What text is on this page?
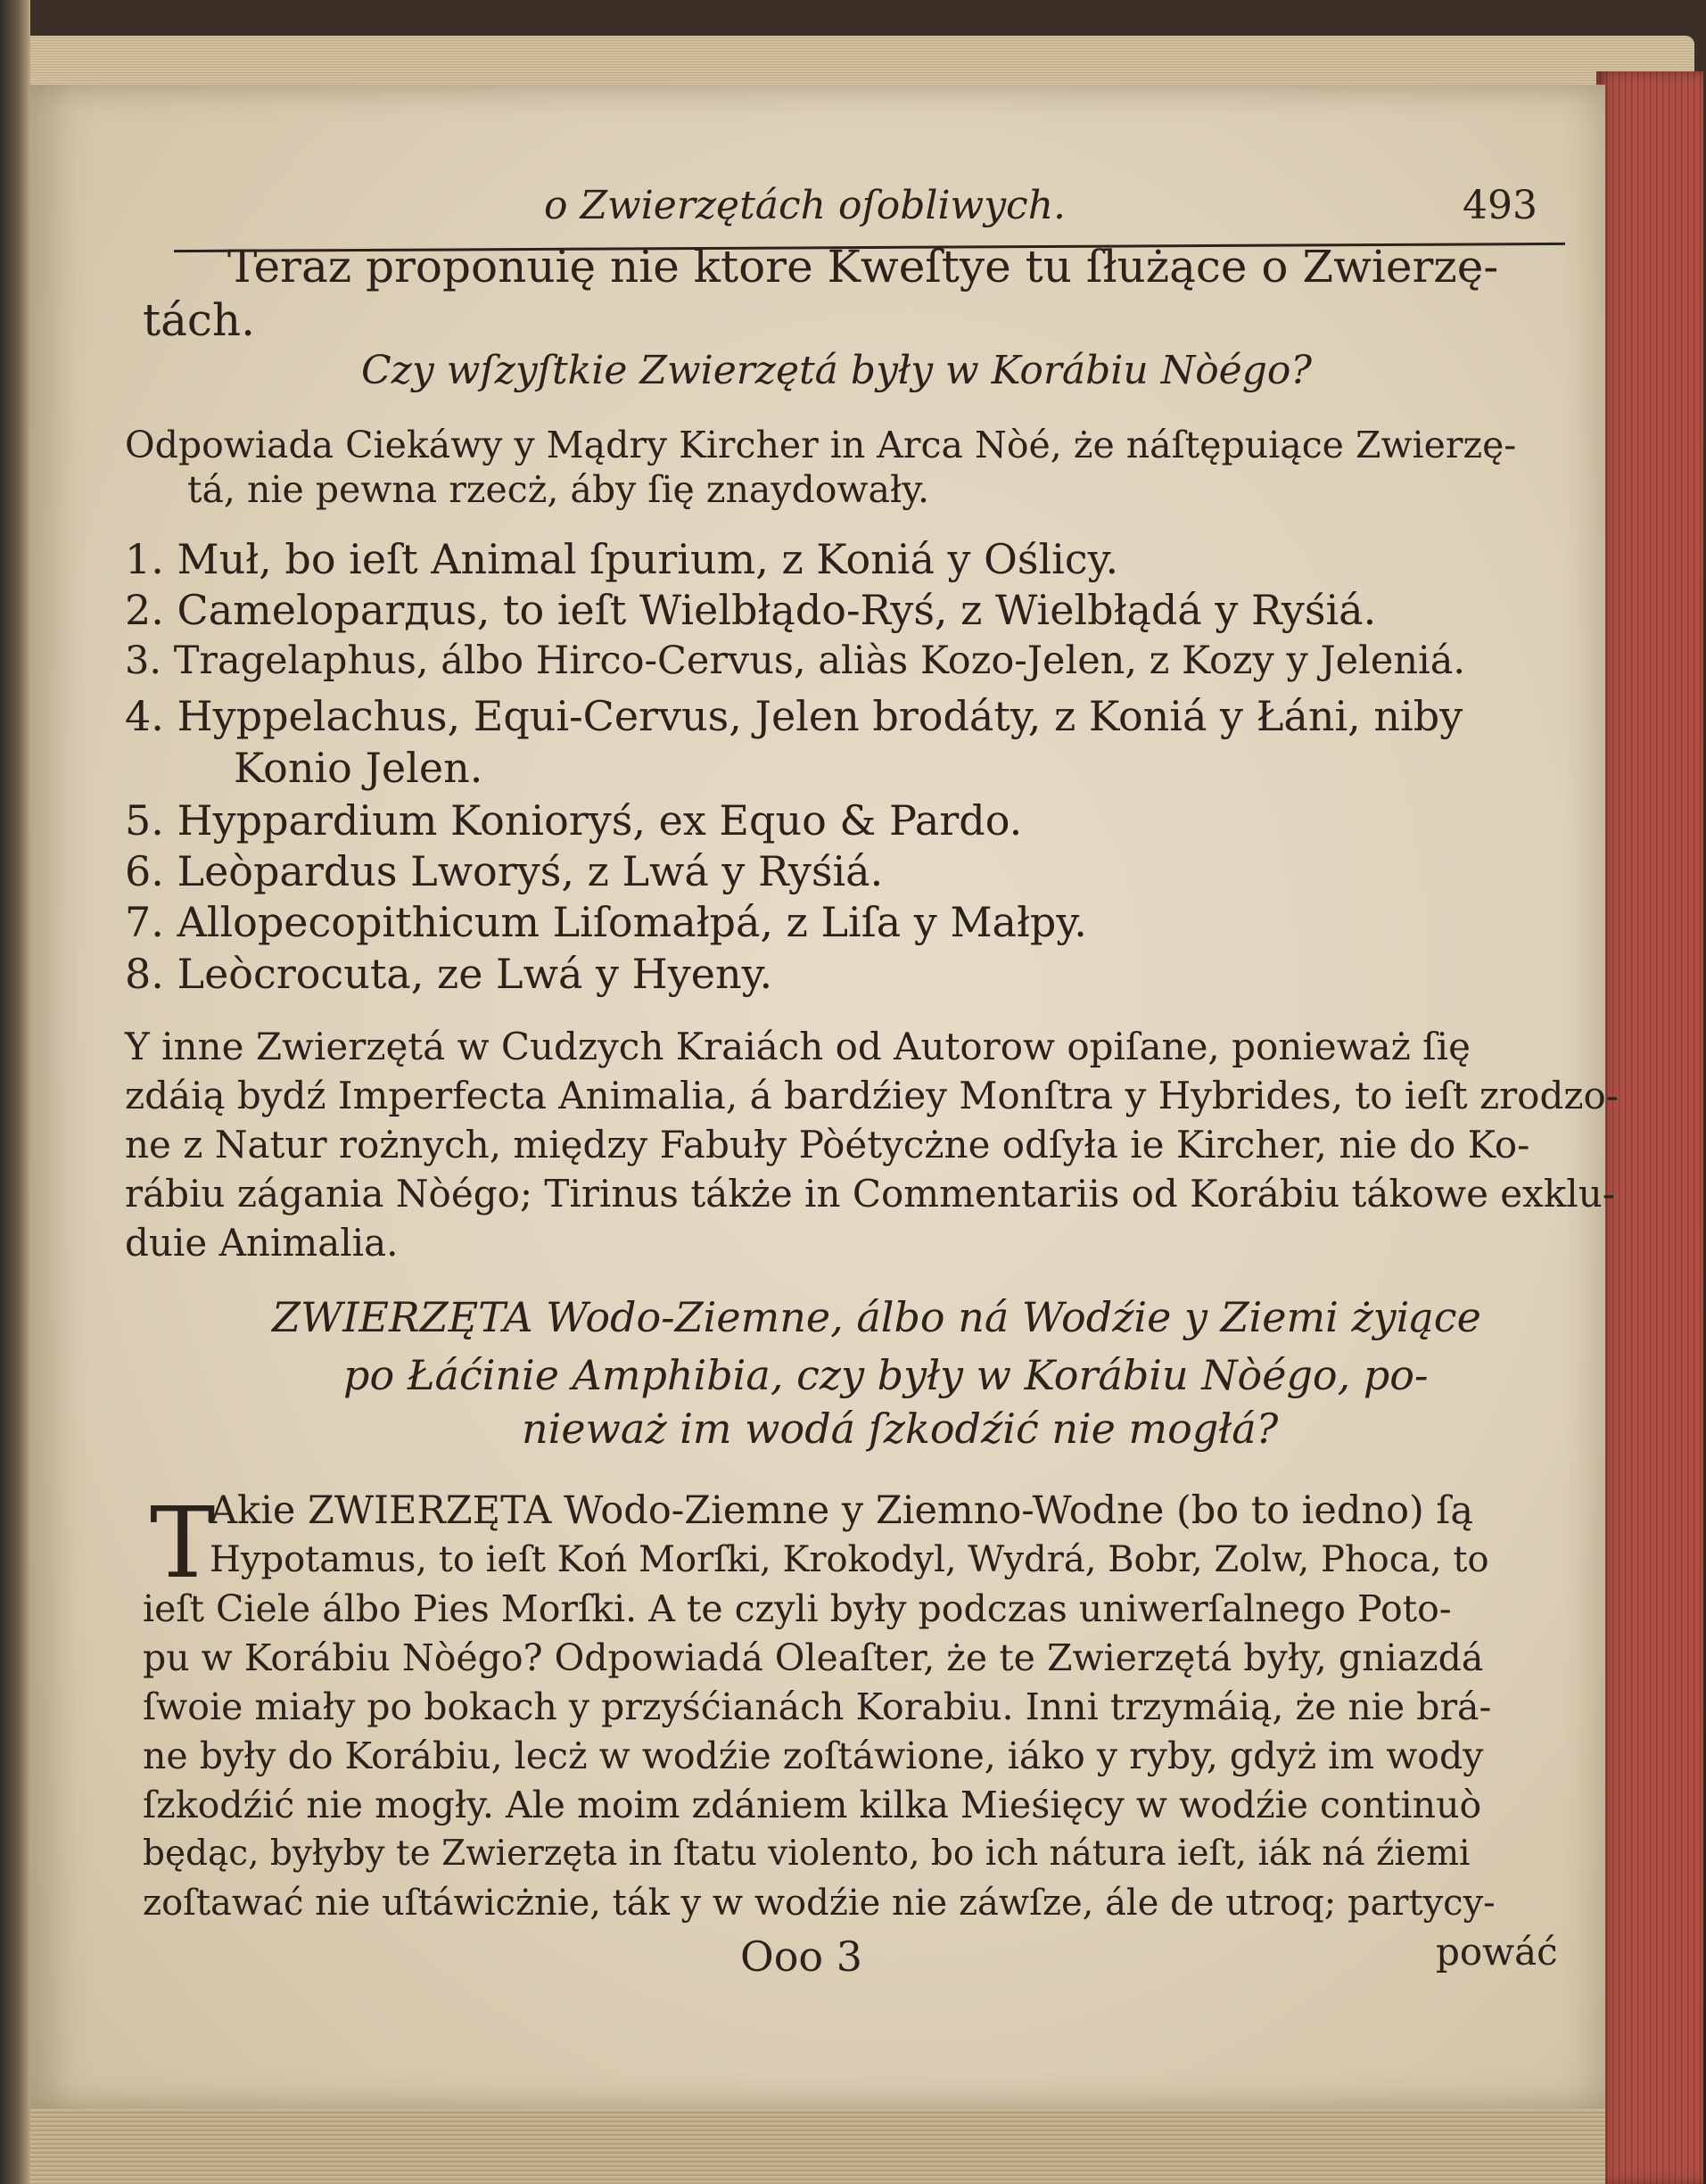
o Zwierzętách oſobliwych.	493
Teraz proponuię nie ktore Kweſtye tu ſłużące o Zwierzę-
tách.
Czy wſzyſtkie Zwierzętá były w Korábiu Nòégo?
Odpowiada Ciekáwy y Mądry Kircher in Arca Nòé, że náſtępuiące Zwierzę-
tá, nie pewna rzecż, áby ſię znaydowały.
1. Muł, bo ieſt Animal ſpurium, z Koniá y Oślicy.
2. Cameloparдus, to ieſt Wielbłądo-Ryś, z Wielbłądá y Ryśiá.
3. Tragelaphus, álbo Hirco-Cervus, aliàs Kozo-Jelen, z Kozy y Jeleniá.
4. Hyppelachus, Equi-Cervus, Jelen brodáty, z Koniá y Łáni, niby
Konio Jelen.
5. Hyppardium Konioryś, ex Equo & Pardo.
6. Leòpardus Lworyś, z Lwá y Ryśiá.
7. Allopecopithicum Liſomałpá, z Liſa y Małpy.
8. Leòcrocuta, ze Lwá y Hyeny.
Y inne Zwierzętá w Cudzych Kraiách od Autorow opiſane, ponieważ ſię
zdáią bydź Imperfecta Animalia, á bardźiey Monſtra y Hybrides, to ieſt zrodzo-
ne z Natur rożnych, między Fabuły Pòétycżne odſyła ie Kircher, nie do Ko-
rábiu zágania Nòégo; Tirinus tákże in Commentariis od Korábiu tákowe exklu-
duie Animalia.
ZWIERZĘTA Wodo-Ziemne, álbo ná Wodźie y Ziemi żyiące
po Łáćinie Amphibia, czy były w Korábiu Nòégo, po-
nieważ im wodá ſzkodźić nie mogłá?
T
Akie ZWIERZĘTA Wodo-Ziemne y Ziemno-Wodne (bo to iedno) ſą
Hypotamus, to ieſt Koń Morſki, Krokodyl, Wydrá, Bobr, Zolw, Phoca, to
ieſt Ciele álbo Pies Morſki. A te czyli były podczas uniwerſalnego Poto-
pu w Korábiu Nòégo? Odpowiadá Oleaſter, że te Zwierzętá były, gniazdá
ſwoie miały po bokach y przyśćianách Korabiu. Inni trzymáią, że nie brá-
ne były do Korábiu, lecż w wodźie zoſtáwione, iáko y ryby, gdyż im wody
ſzkodźić nie mogły. Ale moim zdániem kilka Mieśięcy w wodźie continuò
będąc, byłyby te Zwierzęta in ſtatu violento, bo ich nátura ieſt, iák ná źiemi
zoſtawać nie uſtáwicżnie, ták y w wodźie nie záwſze, ále de utroq; partycy-
Ooo 3	powáć
